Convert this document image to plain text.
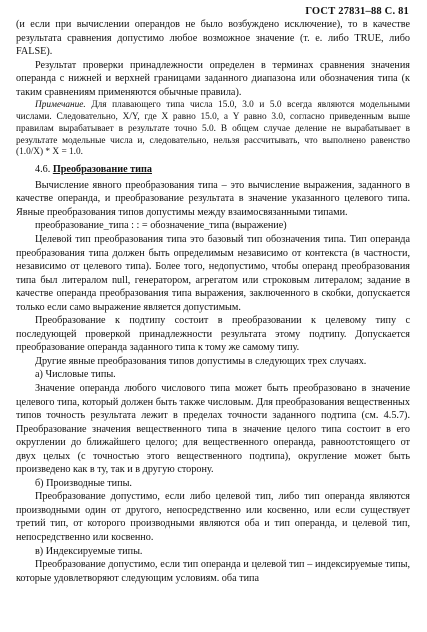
ГОСТ 27831–88 С. 81

(и если при вычислении операндов не было возбуждено исключение), то в качестве результата сравнения допустимо любое возможное значение (т. е. либо TRUE, либо FALSE).

Результат проверки принадлежности определен в терминах сравнения значения операнда с нижней и верхней границами заданного диапазона или обозначения типа (к таким сравнениям применяются обычные правила).

Примечание. Для плавающего типа числа 15.0, 3.0 и 5.0 всегда являются модельными числами. Следовательно, X/Y, где X равно 15.0, а Y равно 3.0, согласно приведенным выше правилам вырабатывает в результате точно 5.0. В общем случае деление не вырабатывает в результате модельные числа и, следовательно, нельзя рассчитывать, что выполнено равенство (1.0/X) * X = 1.0.

4.6. Преобразование типа

Вычисление явного преобразования типа – это вычисление выражения, заданного в качестве операнда, и преобразование результата в значение указанного целевого типа. Явные преобразования типов допустимы между взаимосвязанными типами.

преобразование_типа : : = обозначение_типа (выражение)

Целевой тип преобразования типа это базовый тип обозначения типа. Тип операнда преобразования типа должен быть определимым независимо от контекста (в частности, независимо от целевого типа). Более того, недопустимо, чтобы операнд преобразования типа был литералом null, генератором, агрегатом или строковым литералом; задание в качестве операнда преобразования типа выражения, заключенного в скобки, допускается только если само выражение является допустимым.

Преобразование к подтипу состоит в преобразовании к целевому типу с последующей проверкой принадлежности результата этому подтипу. Допускается преобразование операнда заданного типа к тому же самому типу.

Другие явные преобразования типов допустимы в следующих трех случаях.

а) Числовые типы.

Значение операнда любого числового типа может быть преобразовано в значение целевого типа, который должен быть также числовым. Для преобразования вещественных типов точность результата лежит в пределах точности заданного подтипа (см. 4.5.7). Преобразование значения вещественного типа в значение целого типа состоит в его округлении до ближайшего целого; для вещественного операнда, равноотстоящего от двух целых (с точностью этого вещественного подтипа), округление может быть произведено как в ту, так и в другую сторону.

б) Производные типы.

Преобразование допустимо, если либо целевой тип, либо тип операнда являются производными один от другого, непосредственно или косвенно, или если существует третий тип, от которого производными являются оба и тип операнда, и целевой тип, непосредственно или косвенно.

в) Индексируемые типы.

Преобразование допустимо, если тип операнда и целевой тип – индексируемые типы, которые удовлетворяют следующим условиям. оба типа
